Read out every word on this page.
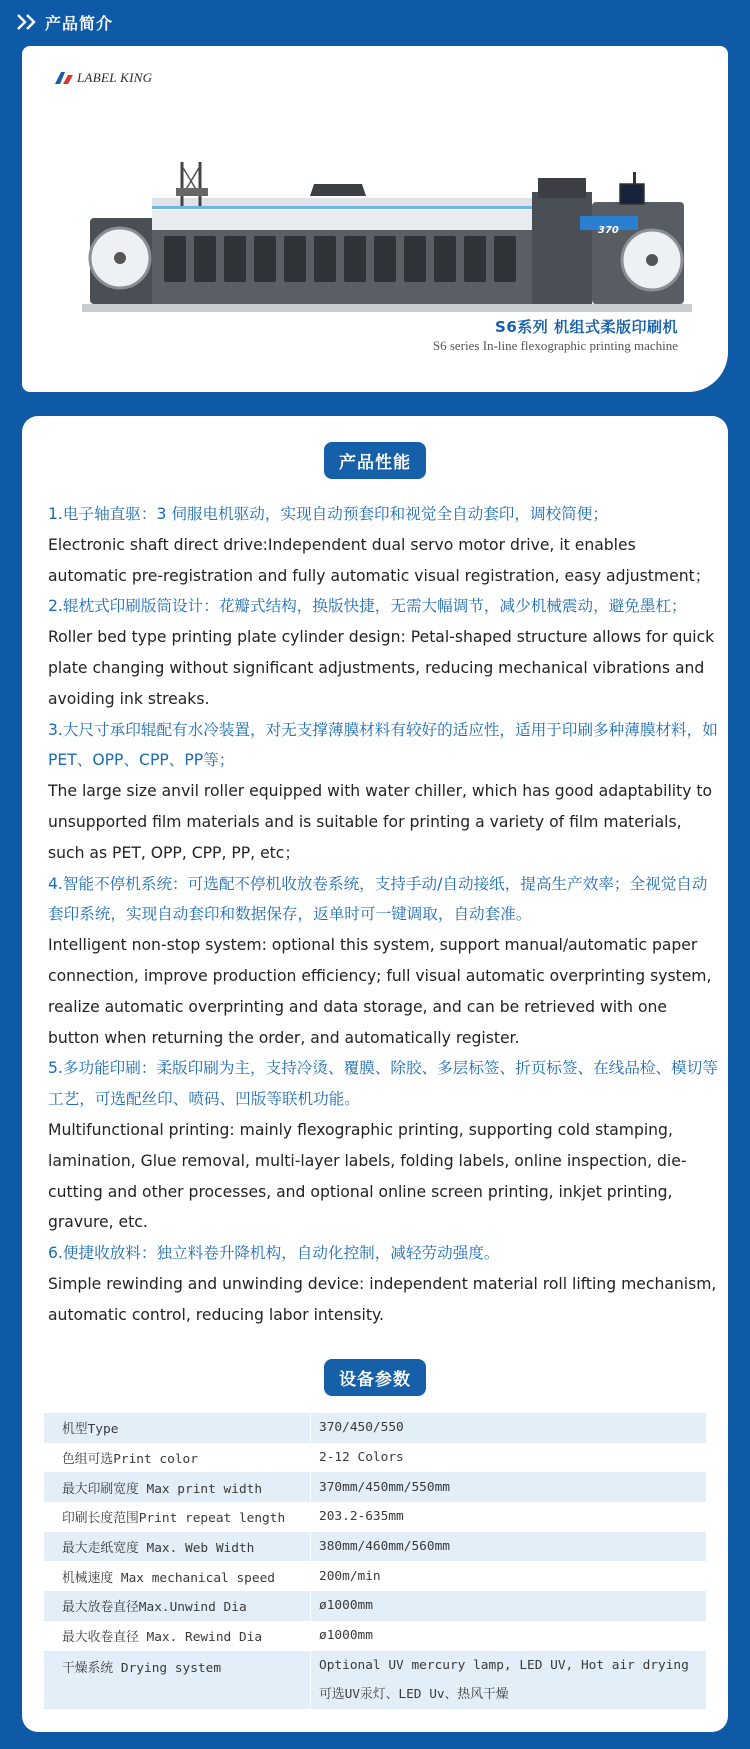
产品简介
LABEL KING
370
S6系列 机组式柔版印刷机
S6 series In-line flexographic printing machine
产品性能

1.电子轴直驱：3 伺服电机驱动，实现自动预套印和视觉全自动套印，调校简便；

Electronic shaft direct drive:Independent dual servo motor drive, it enables automatic pre-registration and fully automatic visual registration, easy adjustment；

2.辊枕式印刷版筒设计：花瓣式结构，换版快捷，无需大幅调节，减少机械震动，避免墨杠；

Roller bed type printing plate cylinder design: Petal-shaped structure allows for quick plate changing without significant adjustments, reducing mechanical vibrations and avoiding ink streaks.

3.大尺寸承印辊配有水冷装置，对无支撑薄膜材料有较好的适应性，适用于印刷多种薄膜材料，如PET、OPP、CPP、PP等；

The large size anvil roller equipped with water chiller, which has good adaptability to unsupported film materials and is suitable for printing a variety of film materials, such as PET, OPP, CPP, PP, etc；

4.智能不停机系统：可选配不停机收放卷系统，支持手动/自动接纸，提高生产效率；全视觉自动套印系统，实现自动套印和数据保存，返单时可一键调取，自动套准。

Intelligent non-stop system: optional this system, support manual/automatic paper connection, improve production efficiency; full visual automatic overprinting system, realize automatic overprinting and data storage, and can be retrieved with one button when returning the order, and automatically register.

5.多功能印刷：柔版印刷为主，支持冷烫、覆膜、除胶、多层标签、折页标签、在线品检、模切等工艺，可选配丝印、喷码、凹版等联机功能。

Multifunctional printing: mainly flexographic printing, supporting cold stamping, lamination, Glue removal, multi-layer labels, folding labels, online inspection, die-cutting and other processes, and optional online screen printing, inkjet printing, gravure, etc.

6.便捷收放料：独立料卷升降机构，自动化控制，减轻劳动强度。

Simple rewinding and unwinding device: independent material roll lifting mechanism, automatic control, reducing labor intensity.

设备参数
机型Type	370/450/550
色组可选Print color	2-12 Colors
最大印刷宽度 Max print width	370mm/450mm/550mm
印刷长度范围Print repeat length	203.2-635mm
最大走纸宽度 Max. Web Width	380mm/460mm/560mm
机械速度 Max mechanical speed	200m/min
最大放卷直径Max.Unwind Dia	ø1000mm
最大收卷直径 Max. Rewind Dia	ø1000mm
干燥系统 Drying system	Optional UV mercury lamp, LED UV, Hot air drying
可选UV汞灯、LED Uv、热风干燥
